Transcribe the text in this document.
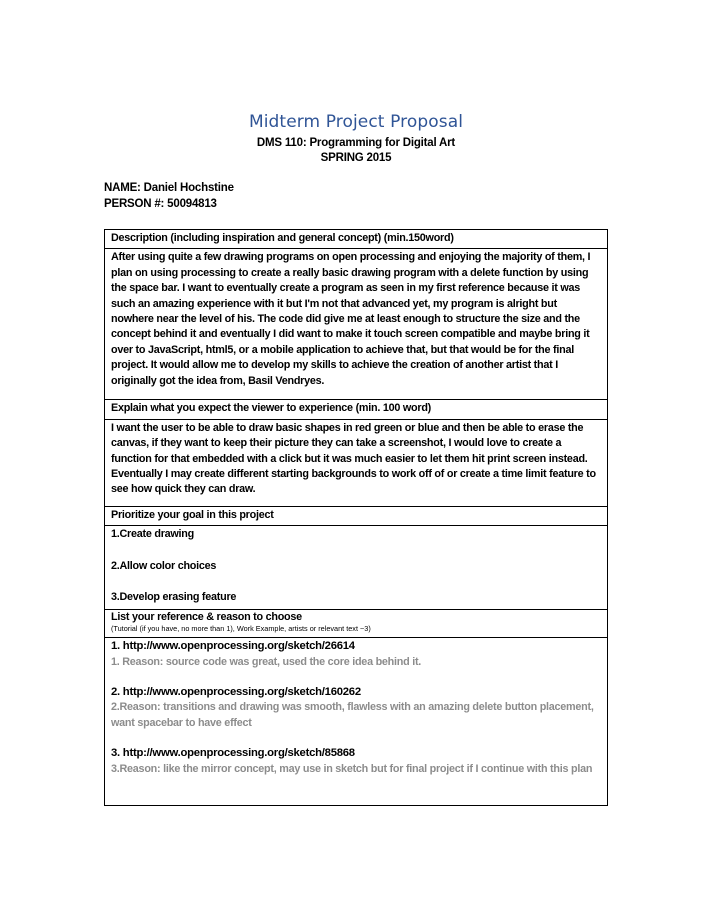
Midterm Project Proposal
DMS 110: Programming for Digital Art
SPRING 2015
NAME: Daniel Hochstine
PERSON #: 50094813
Description (including inspiration and general concept) (min.150word)

After using quite a few drawing programs on open processing and enjoying the majority of them, I plan on using processing to create a really basic drawing program with a delete function by using the space bar. I want to eventually create a program as seen in my first reference because it was such an amazing experience with it but I'm not that advanced yet, my program is alright but nowhere near the level of his. The code did give me at least enough to structure the size and the concept behind it and eventually I did want to make it touch screen compatible and maybe bring it over to JavaScript, html5, or a mobile application to achieve that, but that would be for the final project. It would allow me to develop my skills to achieve the creation of another artist that I originally got the idea from, Basil Vendryes.

Explain what you expect the viewer to experience (min. 100 word)

I want the user to be able to draw basic shapes in red green or blue and then be able to erase the canvas, if they want to keep their picture they can take a screenshot, I would love to create a function for that embedded with a click but it was much easier to let them hit print screen instead. Eventually I may create different starting backgrounds to work off of or create a time limit feature to see how quick they can draw.

Prioritize your goal in this project

1.Create drawing

2.Allow color choices

3.Develop erasing feature

List your reference & reason to choose
(Tutorial (if you have, no more than 1), Work Example, artists or relevant text ~3)

1. http://www.openprocessing.org/sketch/26614

1. Reason: source code was great, used the core idea behind it.

2. http://www.openprocessing.org/sketch/160262

2.Reason: transitions and drawing was smooth, flawless with an amazing delete button placement, want spacebar to have effect

3. http://www.openprocessing.org/sketch/85868

3.Reason: like the mirror concept, may use in sketch but for final project if I continue with this plan
